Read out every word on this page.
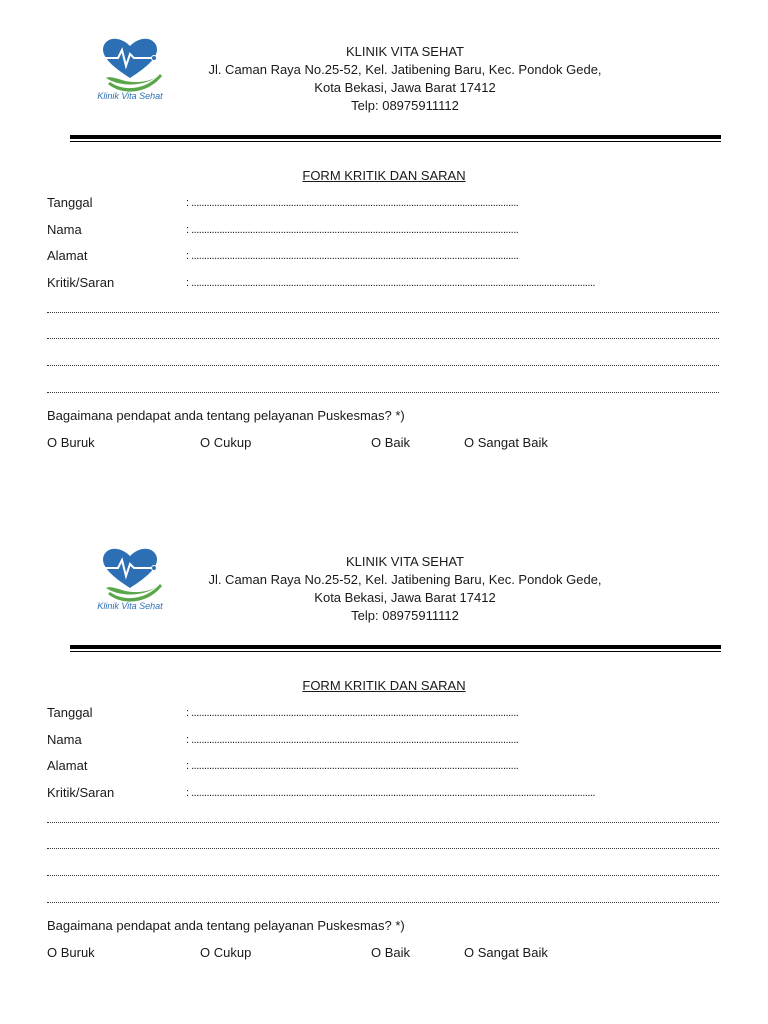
Klinik Vita Sehat
KLINIK VITA SEHAT
Jl. Caman Raya No.25-52, Kel. Jatibening Baru, Kec. Pondok Gede,
Kota Bekasi, Jawa Barat 17412
Telp: 08975911112
FORM KRITIK DAN SARAN
Tanggal	: ................................................................................................................................
Nama	: ................................................................................................................................
Alamat	: ................................................................................................................................
Kritik/Saran	: ..............................................................................................................................................................
Bagaimana pendapat anda tentang pelayanan Puskesmas? *)
O Buruk	O Cukup	O Baik	O Sangat Baik
Klinik Vita Sehat
KLINIK VITA SEHAT
Jl. Caman Raya No.25-52, Kel. Jatibening Baru, Kec. Pondok Gede,
Kota Bekasi, Jawa Barat 17412
Telp: 08975911112
FORM KRITIK DAN SARAN
Tanggal	: ................................................................................................................................
Nama	: ................................................................................................................................
Alamat	: ................................................................................................................................
Kritik/Saran	: ..............................................................................................................................................................
Bagaimana pendapat anda tentang pelayanan Puskesmas? *)
O Buruk	O Cukup	O Baik	O Sangat Baik
